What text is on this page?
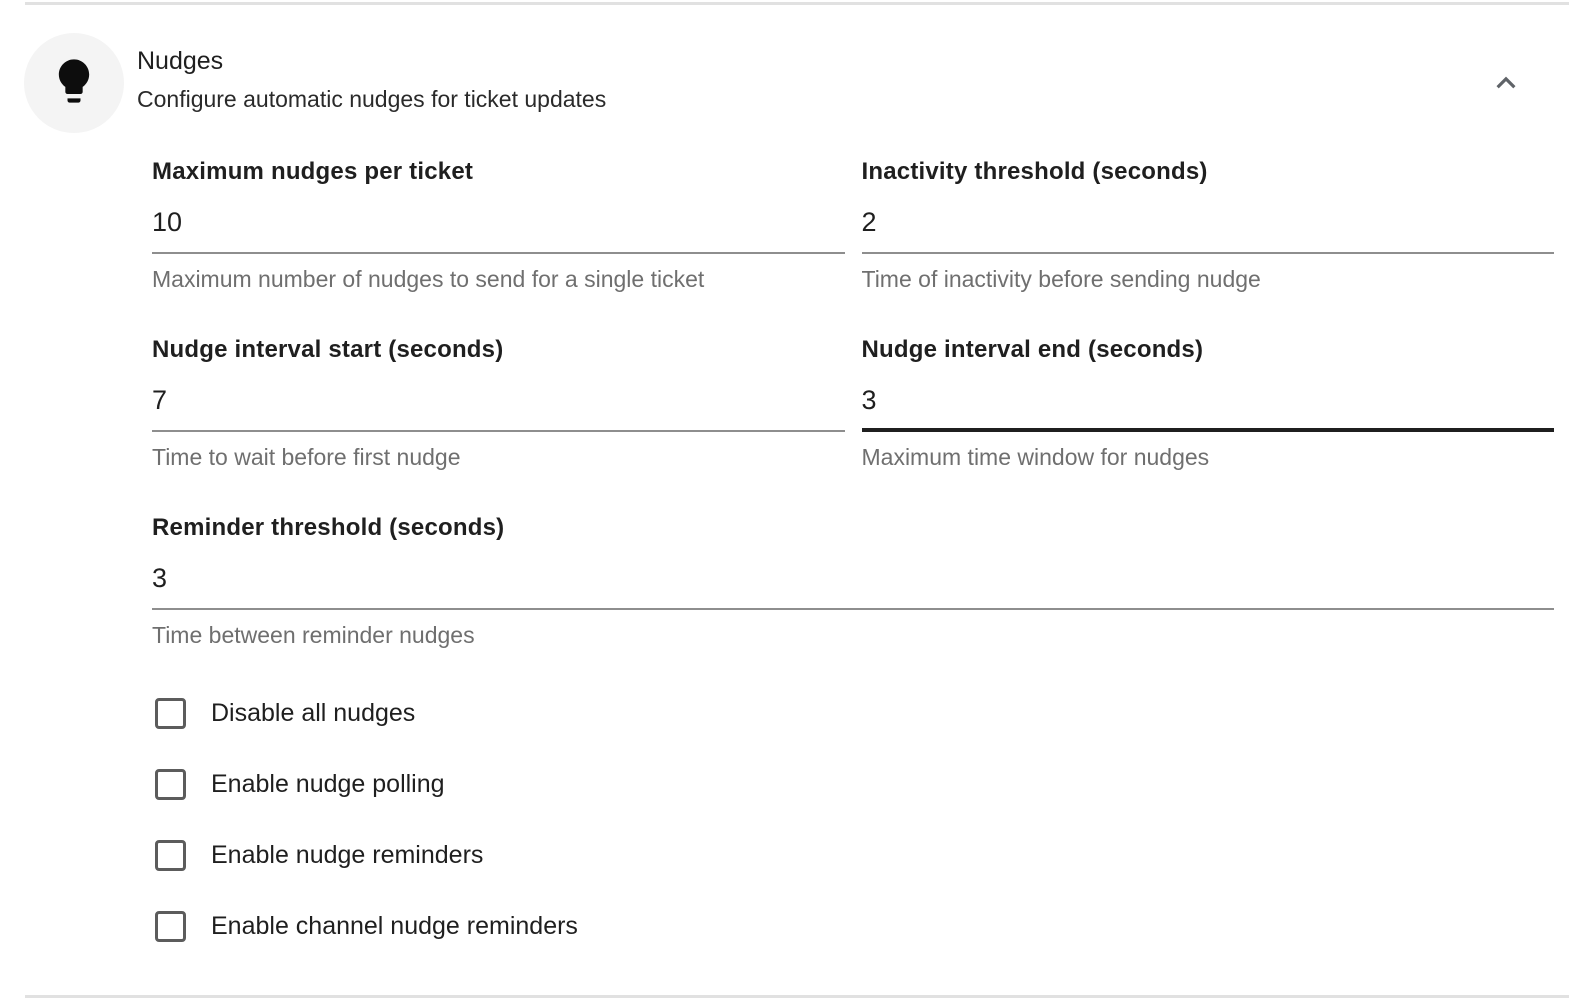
Nudges
Configure automatic nudges for ticket updates
Maximum nudges per ticket
10
Maximum number of nudges to send for a single ticket
Inactivity threshold (seconds)
2
Time of inactivity before sending nudge
Nudge interval start (seconds)
7
Time to wait before first nudge
Nudge interval end (seconds)
3
Maximum time window for nudges
Reminder threshold (seconds)
3
Time between reminder nudges
Disable all nudges
Enable nudge polling
Enable nudge reminders
Enable channel nudge reminders
